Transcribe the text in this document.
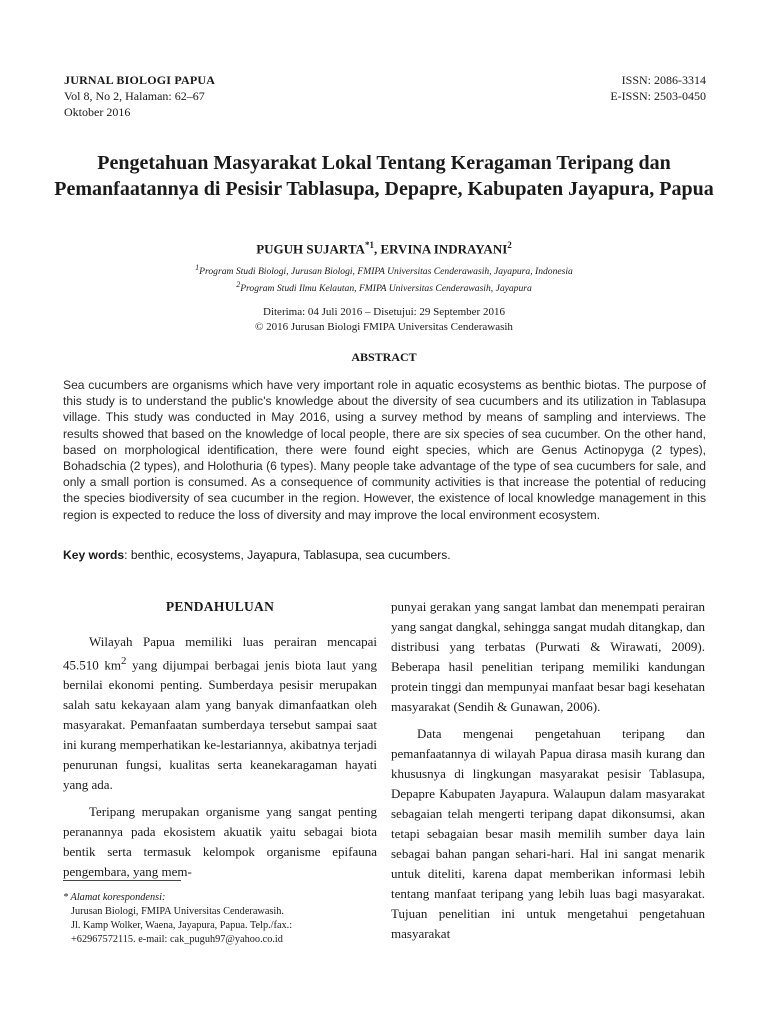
JURNAL BIOLOGI PAPUA
Vol 8, No 2, Halaman: 62–67
Oktober 2016
ISSN: 2086-3314
E-ISSN: 2503-0450
Pengetahuan Masyarakat Lokal Tentang Keragaman Teripang dan Pemanfaatannya di Pesisir Tablasupa, Depapre, Kabupaten Jayapura, Papua
PUGUH SUJARTA$^{*1}$, ERVINA INDRAYANI$^2$
$^1$Program Studi Biologi, Jurusan Biologi, FMIPA Universitas Cenderawasih, Jayapura, Indonesia
$^2$Program Studi Ilmu Kelautan, FMIPA Universitas Cenderawasih, Jayapura
Diterima: 04 Juli 2016 – Disetujui: 29 September 2016
© 2016 Jurusan Biologi FMIPA Universitas Cenderawasih
ABSTRACT
Sea cucumbers are organisms which have very important role in aquatic ecosystems as benthic biotas. The purpose of this study is to understand the public's knowledge about the diversity of sea cucumbers and its utilization in Tablasupa village. This study was conducted in May 2016, using a survey method by means of sampling and interviews. The results showed that based on the knowledge of local people, there are six species of sea cucumber. On the other hand, based on morphological identification, there were found eight species, which are Genus Actinopyga (2 types), Bohadschia (2 types), and Holothuria (6 types). Many people take advantage of the type of sea cucumbers for sale, and only a small portion is consumed. As a consequence of community activities is that increase the potential of reducing the species biodiversity of sea cucumber in the region. However, the existence of local knowledge management in this region is expected to reduce the loss of diversity and may improve the local environment ecosystem.
Key words: benthic, ecosystems, Jayapura, Tablasupa, sea cucumbers.
PENDAHULUAN

Wilayah Papua memiliki luas perairan mencapai 45.510 $km^2$ yang dijumpai berbagai jenis biota laut yang bernilai ekonomi penting. Sumberdaya pesisir merupakan salah satu kekayaan alam yang banyak dimanfaatkan oleh masyarakat. Pemanfaatan sumberdaya tersebut sampai saat ini kurang memperhatikan ke-lestariannya, akibatnya terjadi penurunan fungsi, kualitas serta keanekaragaman hayati yang ada.

Teripang merupakan organisme yang sangat penting peranannya pada ekosistem akuatik yaitu sebagai biota bentik serta termasuk kelompok organisme epifauna pengembara, yang mem-

punyai gerakan yang sangat lambat dan menempati perairan yang sangat dangkal, sehingga sangat mudah ditangkap, dan distribusi yang terbatas (Purwati & Wirawati, 2009). Beberapa hasil penelitian teripang memiliki kandungan protein tinggi dan mempunyai manfaat besar bagi kesehatan masyarakat (Sendih & Gunawan, 2006).

Data mengenai pengetahuan teripang dan pemanfaatannya di wilayah Papua dirasa masih kurang dan khususnya di lingkungan masyarakat pesisir Tablasupa, Depapre Kabupaten Jayapura. Walaupun dalam masyarakat sebagaian telah mengerti teripang dapat dikonsumsi, akan tetapi sebagaian besar masih memilih sumber daya lain sebagai bahan pangan sehari-hari. Hal ini sangat menarik untuk diteliti, karena dapat memberikan informasi lebih tentang manfaat teripang yang lebih luas bagi masyarakat. Tujuan penelitian ini untuk mengetahui pengetahuan masyarakat

* Alamat korespondensi:
Jurusan Biologi, FMIPA Universitas Cenderawasih.
Jl. Kamp Wolker, Waena, Jayapura, Papua. Telp./fax.:
+62967572115. e-mail: cak_puguh97@yahoo.co.id
